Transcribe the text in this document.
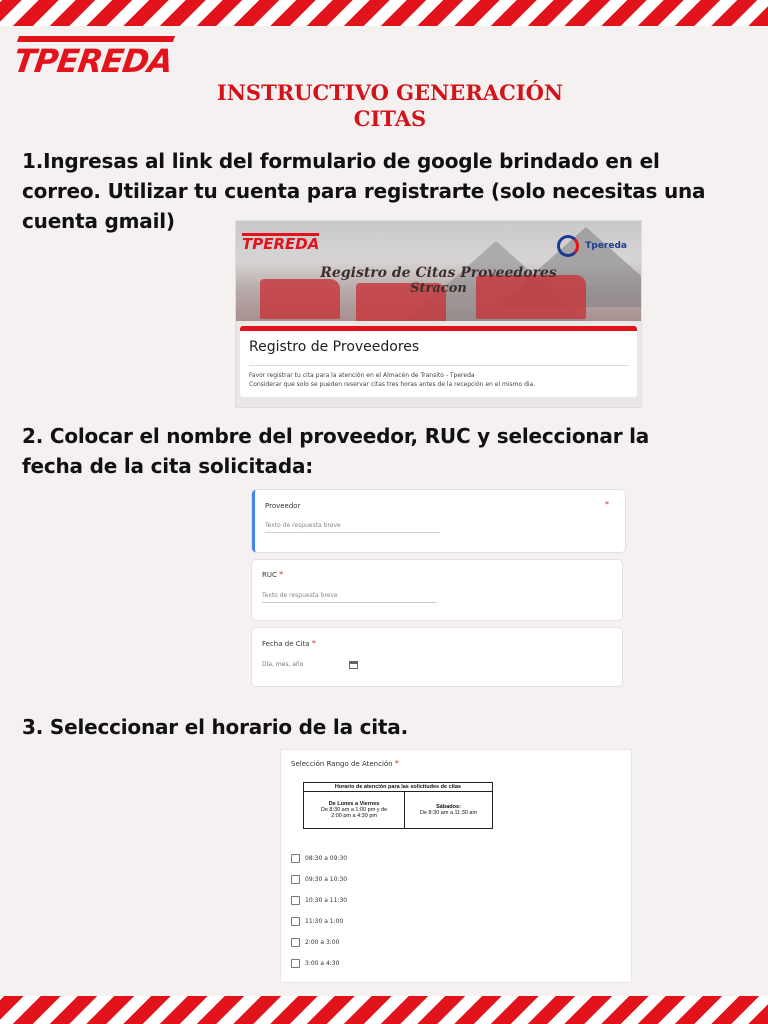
TPEREDA
INSTRUCTIVO GENERACIÓN
CITAS
1.Ingresas al link del formulario de google brindado en el
correo. Utilizar tu cuenta para registrarte (solo necesitas una
cuenta gmail)
TPEREDA	Tpereda
Registro de Citas Proveedores
Stracon
Registro de Proveedores
Favor registrar tu cita para la atención en el Almacén de Transito - Tpereda
Considerar que solo se pueden reservar citas tres horas antes de la recepción en el mismo dia.
2. Colocar el nombre del proveedor, RUC y seleccionar la
fecha de la cita solicitada:
Proveedor	*
Texto de respuesta breve
RUC *
Texto de respuesta breve
Fecha de Cita *
Día, mes, año
3. Seleccionar el horario de la cita.
Selección Rango de Atención *
Horario de atención para las solicitudes de citas
De Lunes a Viernes
De 8:30 am a 1:00 pm y de
2:00 pm a 4:30 pm	Sábados:
De 8:30 am a 11:30 am
08:30 a 09:30
09:30 a 10:30
10:30 a 11:30
11:30 a 1:00
2:00 a 3:00
3:00 a 4:30
